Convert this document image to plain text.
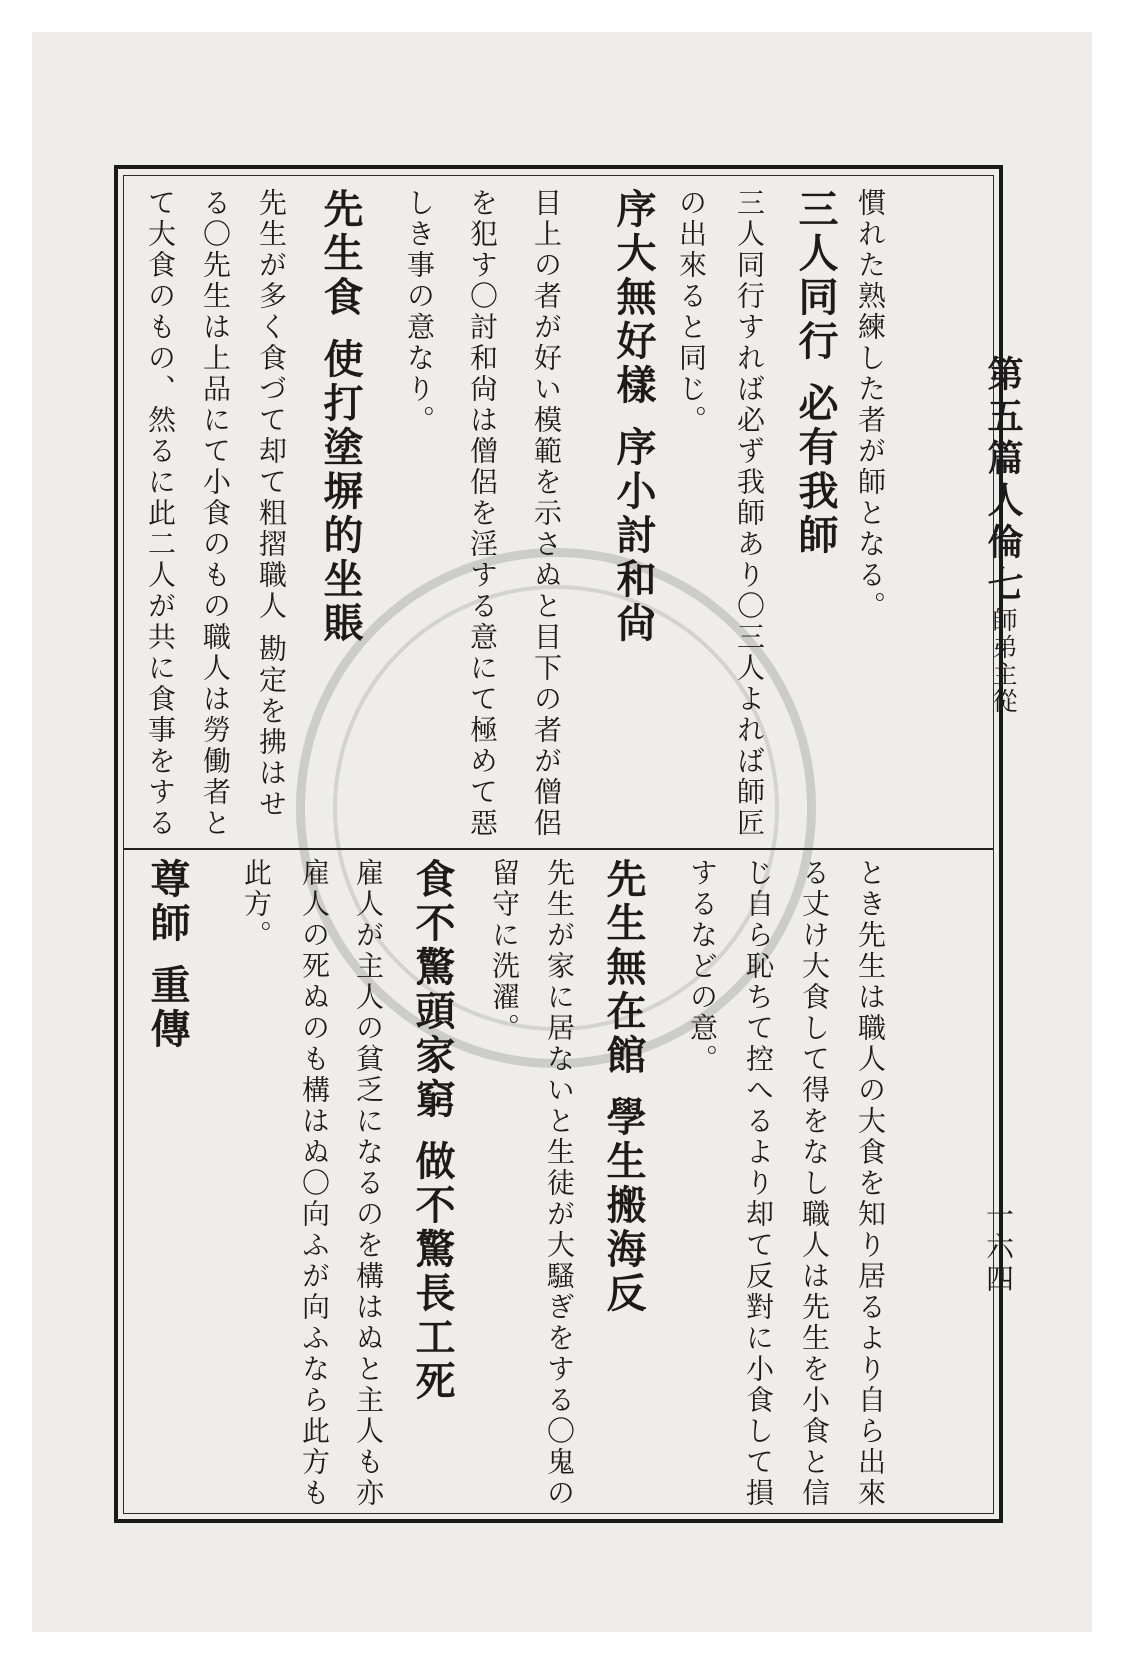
第五篇人倫七師弟主從
一六四
慣れた熟練した者が師となる。
三人同行 必有我師
三人同行すれば必ず我師あり〇三人よれば師匠
の出來ると同じ。
序大無好樣 序小討和尙
目上の者が好い模範を示さぬと目下の者が僧侶
を犯す〇討和尙は僧侶を淫する意にて極めて惡
しき事の意なり。
先生食 使打塗塀的坐賬
先生が多く食づて却て粗摺職人 勘定を拂はせ
る〇先生は上品にて小食のもの職人は勞働者と
て大食のもの、然るに此二人が共に食事をする
とき先生は職人の大食を知り居るより自ら出來
る丈け大食して得をなし職人は先生を小食と信
じ自ら恥ちて控へるより却て反對に小食して損
するなどの意。
先生無在館 學生搬海反
先生が家に居ないと生徒が大騷ぎをする〇鬼の
留守に洗濯。
食不驚頭家窮 做不驚長工死
雇人が主人の貧乏になるのを構はぬと主人も亦
雇人の死ぬのも構はぬ〇向ふが向ふなら此方も
此方。
尊師 重傳
